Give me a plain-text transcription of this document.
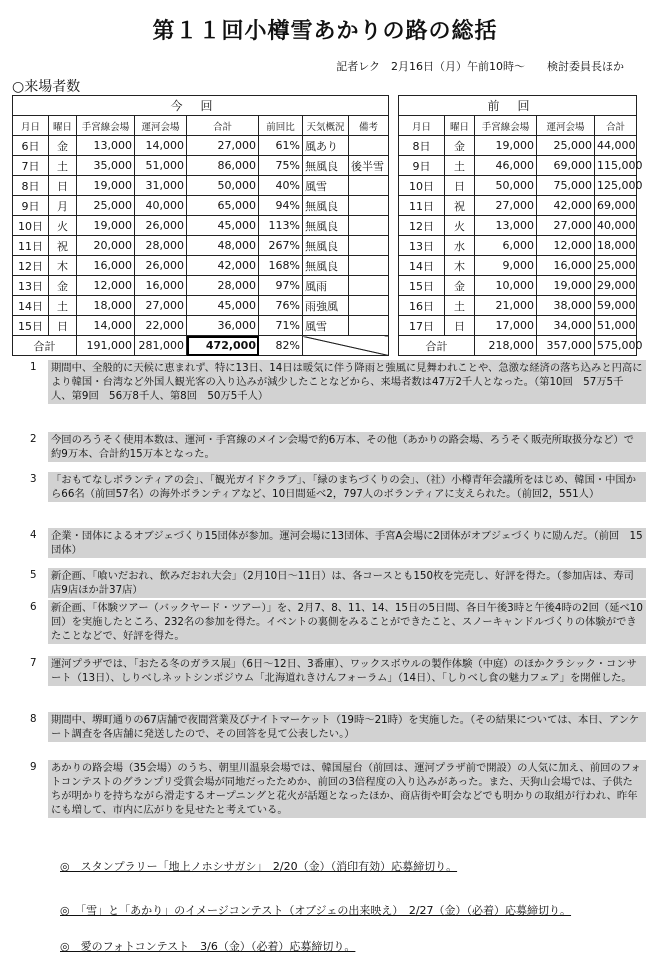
第１１回小樽雪あかりの路の総括
記者レク　2月16日（月）午前10時～　　検討委員長ほか
○来場者数
今回									前回				
月日	曜日	手宮線会場	運河会場	合計	前回比	天気概況	備考		月日	曜日	手宮線会場	運河会場	合計
6日	金	13,000	14,000	27,000	61%	風あり			8日	金	19,000	25,000	44,000
7日	土	35,000	51,000	86,000	75%	無風良	後半雪		9日	土	46,000	69,000	115,000
8日	日	19,000	31,000	50,000	40%	風雪			10日	日	50,000	75,000	125,000
9日	月	25,000	40,000	65,000	94%	無風良			11日	祝	27,000	42,000	69,000
10日	火	19,000	26,000	45,000	113%	無風良			12日	火	13,000	27,000	40,000
11日	祝	20,000	28,000	48,000	267%	無風良			13日	水	6,000	12,000	18,000
12日	木	16,000	26,000	42,000	168%	無風良			14日	木	9,000	16,000	25,000
13日	金	12,000	16,000	28,000	97%	風雨			15日	金	10,000	19,000	29,000
14日	土	18,000	27,000	45,000	76%	雨強風			16日	土	21,000	38,000	59,000
15日	日	14,000	22,000	36,000	71%	風雪			17日	日	17,000	34,000	51,000
合計		191,000	281,000	472,000	82%				合計		218,000	357,000	575,000
1	期間中、全般的に天候に恵まれず、特に13日、14日は暖気に伴う降雨と強風に見舞われことや、急激な経済の落ち込みと円高により韓国・台湾など外国人観光客の入り込みが減少したことなどから、来場者数は47万2千人となった。（第10回　57万5千人、第9回　56万8千人、第8回　50万5千人）
2	今回のろうそく使用本数は、運河・手宮線のメイン会場で約6万本、その他（あかりの路会場、ろうそく販売所取扱分など）で約9万本、合計約15万本となった。
3	「おもてなしボランティアの会」、「観光ガイドクラブ」、「緑のまちづくりの会」、（社）小樽青年会議所をはじめ、韓国・中国から66名（前回57名）の海外ボランティアなど、10日間延べ2，797人のボランティアに支えられた。（前回2，551人）
4	企業・団体によるオブジェづくり15団体が参加。運河会場に13団体、手宮A会場に2団体がオブジェづくりに励んだ。（前回　15団体）
5	新企画、「喰いだおれ、飲みだおれ大会」（2月10日～11日）は、各コースとも150枚を完売し、好評を得た。（参加店は、寿司店9店ほか計37店）
6	新企画、「体験ツアー（バックヤード・ツアー）」を、2月7、8、11、14、15日の5日間、各日午後3時と午後4時の2回（延べ10回）を実施したところ、232名の参加を得た。イベントの裏側をみることができたこと、スノーキャンドルづくりの体験ができたことなどで、好評を得た。
7	運河プラザでは、「おたる冬のガラス展」（6日～12日、3番庫）、ワックスボウルの製作体験（中庭）のほかクラシック・コンサート（13日）、しりべしネットシンポジウム「北海道れきけんフォーラム」（14日）、「しりべし食の魅力フェア」を開催した。
8	期間中、堺町通りの67店舗で夜間営業及びナイトマーケット（19時～21時）を実施した。（その結果については、本日、アンケート調査を各店舗に発送したので、その回答を見て公表したい。）
9	あかりの路会場（35会場）のうち、朝里川温泉会場では、韓国屋台（前回は、運河プラザ前で開設）の人気に加え、前回のフォトコンテストのグランプリ受賞会場が同地だったためか、前回の3倍程度の入り込みがあった。また、天狗山会場では、子供たちが明かりを持ちながら滑走するオープニングと花火が話題となったほか、商店街や町会などでも明かりの取組が行われ、昨年にも増して、市内に広がりを見せたと考えている。
◎　スタンプラリー「地上ノホシサガシ」　2/20（金）（消印有効）応募締切り。
◎　「雪」と「あかり」のイメージコンテスト（オブジェの出来映え）　2/27（金）（必着）応募締切り。
◎　愛のフォトコンテスト　3/6（金）（必着）応募締切り。
